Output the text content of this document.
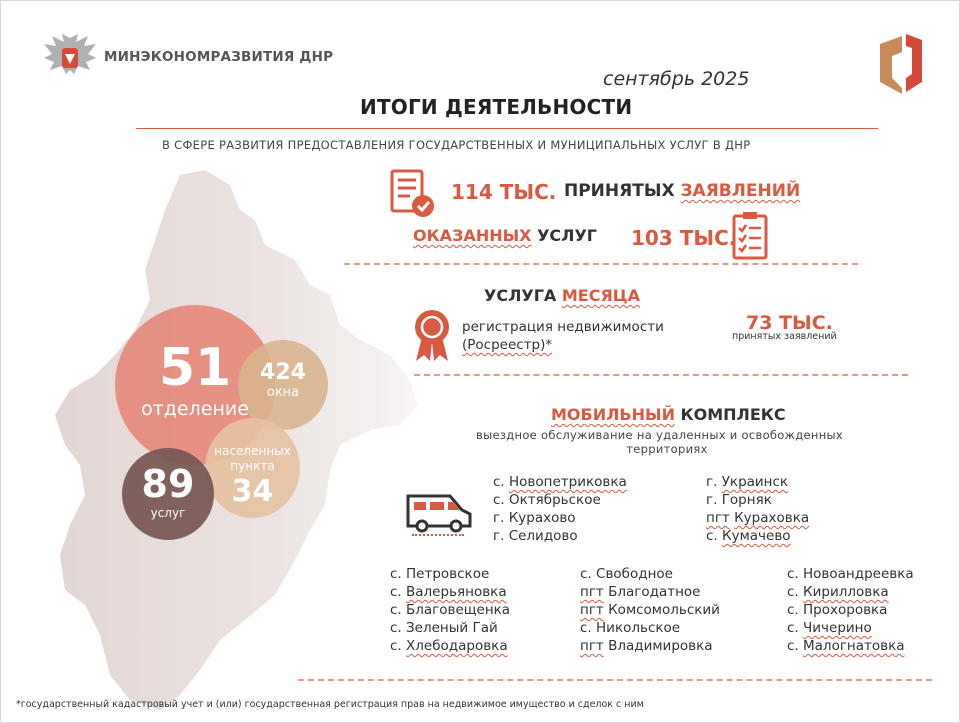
51
отделение
424
окна
населенных
пункта
34
89
услуг
МИНЭКОНОМРАЗВИТИЯ ДНР
сентябрь 2025
ИТОГИ ДЕЯТЕЛЬНОСТИ
В СФЕРЕ РАЗВИТИЯ ПРЕДОСТАВЛЕНИЯ ГОСУДАРСТВЕННЫХ И МУНИЦИПАЛЬНЫХ УСЛУГ В ДНР
114 ТЫС. ПРИНЯТЫХ ЗАЯВЛЕНИЙ
ОКАЗАННЫХ УСЛУГ 103 ТЫС.
УСЛУГА МЕСЯЦА
регистрация недвижимости
(Росреестр)*
73 ТЫС.
принятых заявлений
МОБИЛЬНЫЙ КОМПЛЕКС
выездное обслуживание на удаленных и освобожденных
территориях
с. Новопетриковка
с. Октябрьское
г. Курахово
г. Селидово
г. Украинск
г. Горняк
пгт Кураховка
с. Кумачево
с. Петровское
с. Валерьяновка
с. Благовещенка
с. Зеленый Гай
с. Хлебодаровка
с. Свободное
пгт Благодатное
пгт Комсомольский
с. Никольское
пгт Владимировка
с. Новоандреевка
с. Кирилловка
с. Прохоровка
с. Чичерино
с. Малогнатовка
*государственный кадастровый учет и (или) государственная регистрация прав на недвижимое имущество и сделок с ним
